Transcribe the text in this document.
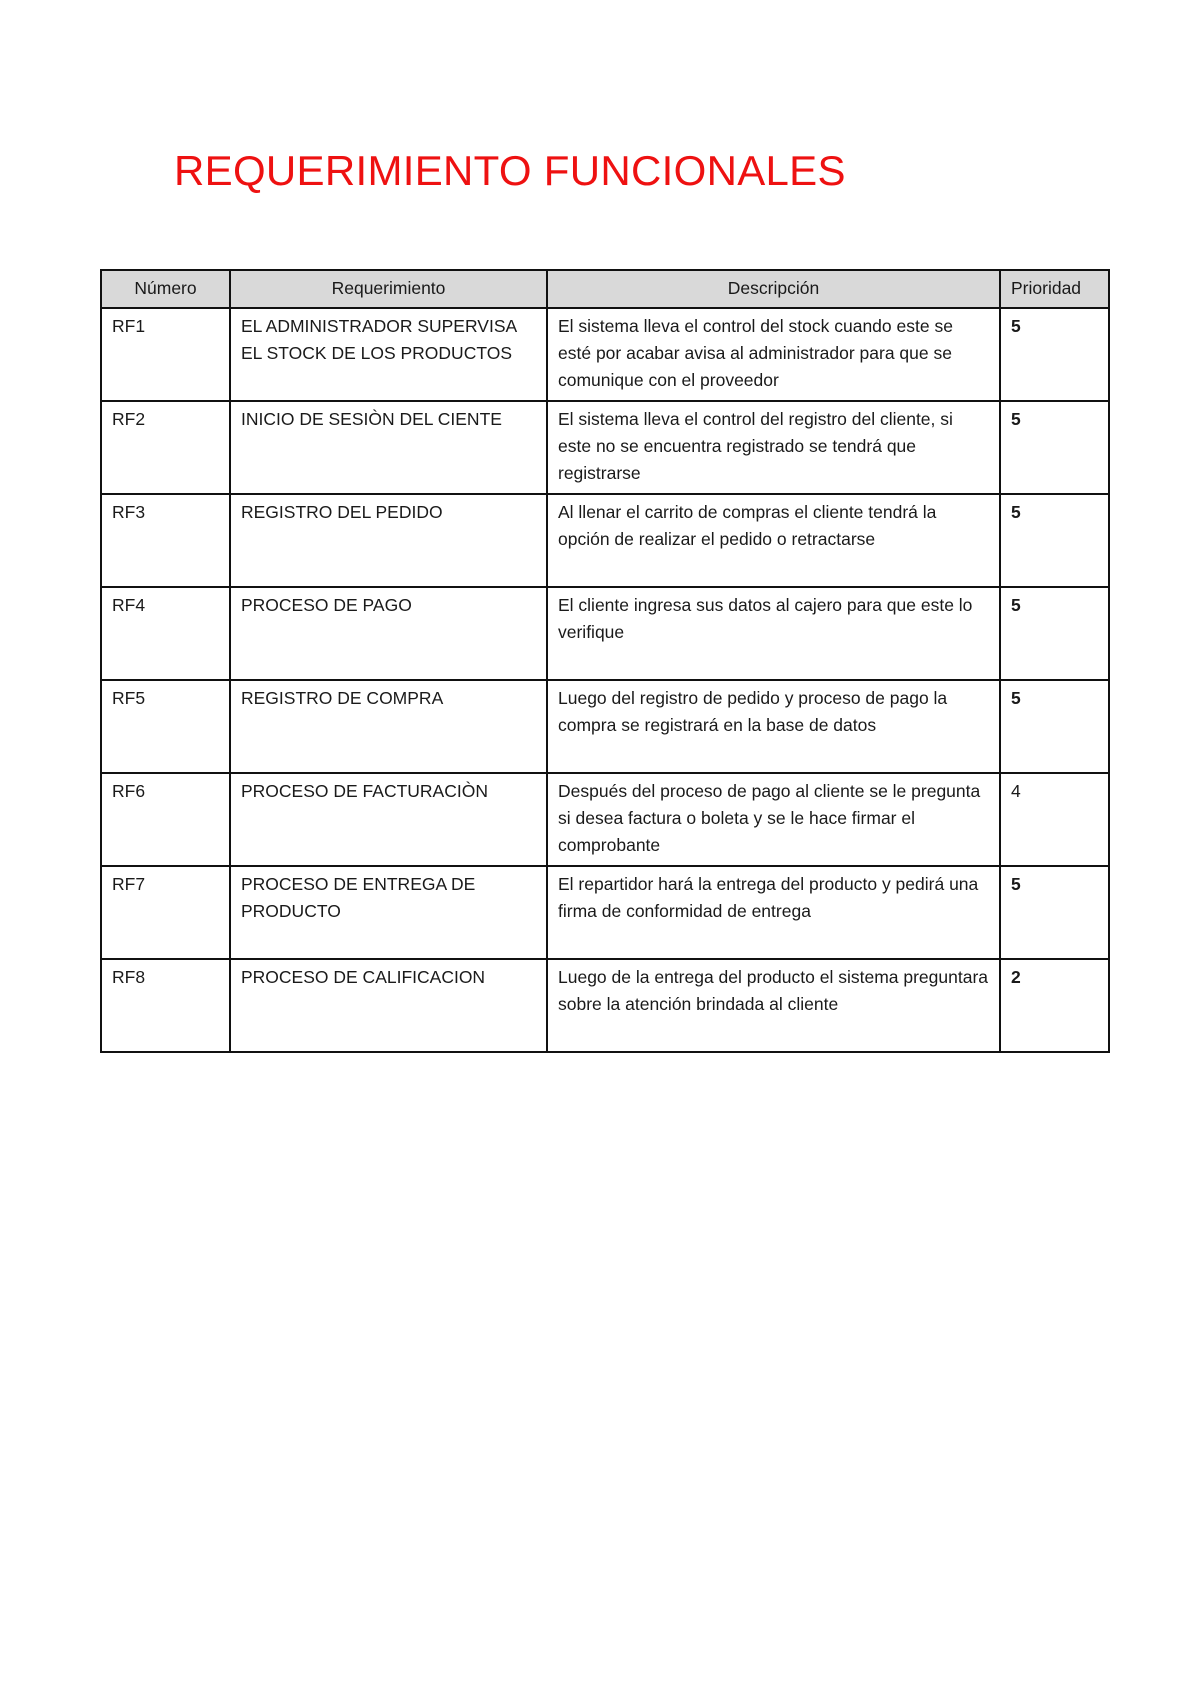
REQUERIMIENTO FUNCIONALES
Número	Requerimiento	Descripción	Prioridad
RF1	EL ADMINISTRADOR SUPERVISA EL STOCK DE LOS PRODUCTOS	El sistema lleva el control del stock cuando este se esté por acabar avisa al administrador para que se comunique con el proveedor	5
RF2	INICIO DE SESIÒN DEL CIENTE	El sistema lleva el control del registro del cliente, si este no se encuentra registrado se tendrá que registrarse	5
RF3	REGISTRO DEL PEDIDO	Al llenar el carrito de compras el cliente tendrá la opción de realizar el pedido o retractarse	5
RF4	PROCESO DE PAGO	El cliente ingresa sus datos al cajero para que este lo verifique	5
RF5	REGISTRO DE COMPRA	Luego del registro de pedido y proceso de pago la compra se registrará en la base de datos	5
RF6	PROCESO DE FACTURACIÒN	Después del proceso de pago al cliente se le pregunta si desea factura o boleta y se le hace firmar el comprobante	4
RF7	PROCESO DE ENTREGA DE PRODUCTO	El repartidor hará la entrega del producto y pedirá una firma de conformidad de entrega	5
RF8	PROCESO DE CALIFICACION	Luego de la entrega del producto el sistema preguntara sobre la atención brindada al cliente	2
